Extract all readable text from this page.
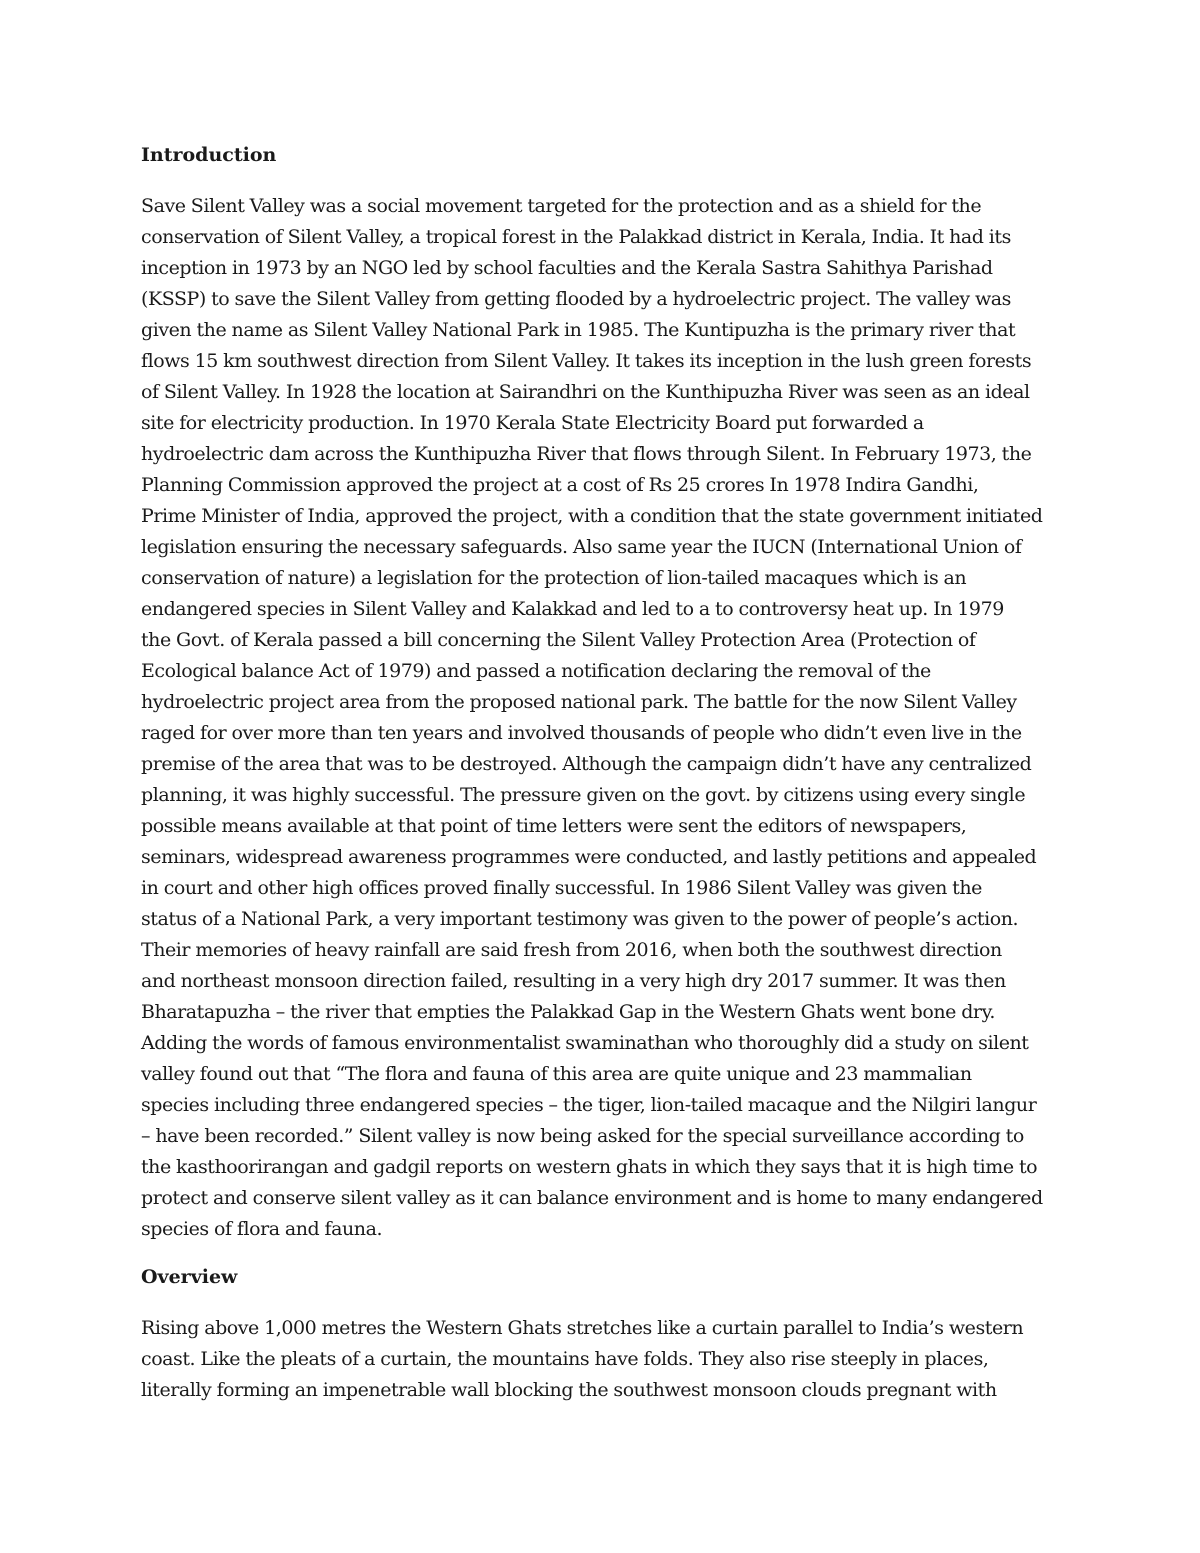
Introduction
Save Silent Valley was a social movement targeted for the protection and as a shield for the
conservation of Silent Valley, a tropical forest in the Palakkad district in Kerala, India. It had its
inception in 1973 by an NGO led by school faculties and the Kerala Sastra Sahithya Parishad
(KSSP) to save the Silent Valley from getting flooded by a hydroelectric project. The valley was
given the name as Silent Valley National Park in 1985. The Kuntipuzha is the primary river that
flows 15 km southwest direction from Silent Valley. It takes its inception in the lush green forests
of Silent Valley. In 1928 the location at Sairandhri on the Kunthipuzha River was seen as an ideal
site for electricity production. In 1970 Kerala State Electricity Board put forwarded a
hydroelectric dam across the Kunthipuzha River that flows through Silent. In February 1973, the
Planning Commission approved the project at a cost of Rs 25 crores In 1978 Indira Gandhi,
Prime Minister of India, approved the project, with a condition that the state government initiated
legislation ensuring the necessary safeguards. Also same year the IUCN (International Union of
conservation of nature) a legislation for the protection of lion-tailed macaques which is an
endangered species in Silent Valley and Kalakkad and led to a to controversy heat up. In 1979
the Govt. of Kerala passed a bill concerning the Silent Valley Protection Area (Protection of
Ecological balance Act of 1979) and passed a notification declaring the removal of the
hydroelectric project area from the proposed national park. The battle for the now Silent Valley
raged for over more than ten years and involved thousands of people who didn’t even live in the
premise of the area that was to be destroyed. Although the campaign didn’t have any centralized
planning, it was highly successful. The pressure given on the govt. by citizens using every single
possible means available at that point of time letters were sent the editors of newspapers,
seminars, widespread awareness programmes were conducted, and lastly petitions and appealed
in court and other high offices proved finally successful. In 1986 Silent Valley was given the
status of a National Park, a very important testimony was given to the power of people’s action.
Their memories of heavy rainfall are said fresh from 2016, when both the southwest direction
and northeast monsoon direction failed, resulting in a very high dry 2017 summer. It was then
Bharatapuzha – the river that empties the Palakkad Gap in the Western Ghats went bone dry.
Adding the words of famous environmentalist swaminathan who thoroughly did a study on silent
valley found out that “The flora and fauna of this area are quite unique and 23 mammalian
species including three endangered species – the tiger, lion-tailed macaque and the Nilgiri langur
– have been recorded.” Silent valley is now being asked for the special surveillance according to
the kasthoorirangan and gadgil reports on western ghats in which they says that it is high time to
protect and conserve silent valley as it can balance environment and is home to many endangered
species of flora and fauna.
Overview
Rising above 1,000 metres the Western Ghats stretches like a curtain parallel to India’s western
coast. Like the pleats of a curtain, the mountains have folds. They also rise steeply in places,
literally forming an impenetrable wall blocking the southwest monsoon clouds pregnant with
